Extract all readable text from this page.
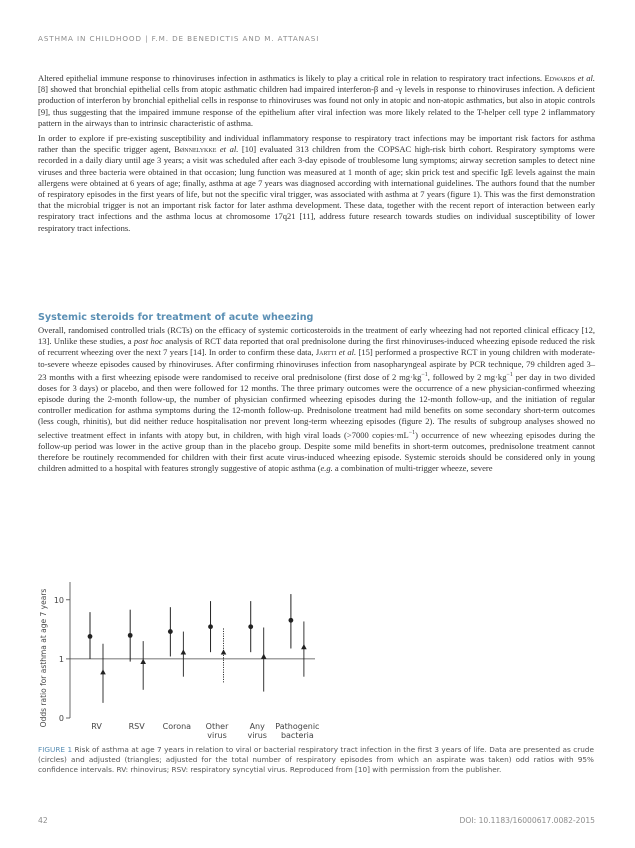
ASTHMA IN CHILDHOOD | F.M. DE BENEDICTIS AND M. ATTANASI

Altered epithelial immune response to rhinoviruses infection in asthmatics is likely to play a critical role in relation to respiratory tract infections. Edwards et al. [8] showed that bronchial epithelial cells from atopic asthmatic children had impaired interferon-β and -γ levels in response to rhinoviruses infection. A deficient production of interferon by bronchial epithelial cells in response to rhinoviruses was found not only in atopic and non-atopic asthmatics, but also in atopic controls [9], thus suggesting that the impaired immune response of the epithelium after viral infection was more likely related to the T-helper cell type 2 inflammatory pattern in the airways than to intrinsic characteristic of asthma.

In order to explore if pre-existing susceptibility and individual inflammatory response to respiratory tract infections may be important risk factors for asthma rather than the specific trigger agent, Bønnelykke et al. [10] evaluated 313 children from the COPSAC high-risk birth cohort. Respiratory symptoms were recorded in a daily diary until age 3 years; a visit was scheduled after each 3-day episode of troublesome lung symptoms; airway secretion samples to detect nine viruses and three bacteria were obtained in that occasion; lung function was measured at 1 month of age; skin prick test and specific IgE levels against the main allergens were obtained at 6 years of age; finally, asthma at age 7 years was diagnosed according with international guidelines. The authors found that the number of respiratory episodes in the first years of life, but not the specific viral trigger, was associated with asthma at 7 years (figure 1). This was the first demonstration that the microbial trigger is not an important risk factor for later asthma development. These data, together with the recent report of interaction between early respiratory tract infections and the asthma locus at chromosome 17q21 [11], address future research towards studies on individual susceptibility of lower respiratory tract infections.

Systemic steroids for treatment of acute wheezing

Overall, randomised controlled trials (RCTs) on the efficacy of systemic corticosteroids in the treatment of early wheezing had not reported clinical efficacy [12, 13]. Unlike these studies, a post hoc analysis of RCT data reported that oral prednisolone during the first rhinoviruses-induced wheezing episode reduced the risk of recurrent wheezing over the next 7 years [14]. In order to confirm these data, Jartti et al. [15] performed a prospective RCT in young children with moderate-to-severe wheeze episodes caused by rhinoviruses. After confirming rhinoviruses infection from nasopharyngeal aspirate by PCR technique, 79 children aged 3–23 months with a first wheezing episode were randomised to receive oral prednisolone (first dose of 2 $mg\cdot kg^{-1}$, followed by 2 $mg\cdot kg^{-1}$ per day in two divided doses for 3 days) or placebo, and then were followed for 12 months. The three primary outcomes were the occurrence of a new physician-confirmed wheezing episode during the 2-month follow-up, the number of physician confirmed wheezing episodes during the 12-month follow-up, and the initiation of regular controller medication for asthma symptoms during the 12-month follow-up. Prednisolone treatment had mild benefits on some secondary short-term outcomes (less cough, rhinitis), but did neither reduce hospitalisation nor prevent long-term wheezing episodes (figure 2). The results of subgroup analyses showed no selective treatment effect in infants with atopy but, in children, with high viral loads (>7000 $copies\cdot mL^{-1}$) occurrence of new wheezing episodes during the follow-up period was lower in the active group than in the placebo group. Despite some mild benefits in short-term outcomes, prednisolone treatment cannot therefore be routinely recommended for children with their first acute virus-induced wheezing episode. Systemic steroids should be considered only in young children admitted to a hospital with features strongly suggestive of atopic asthma (e.g. a combination of multi-trigger wheeze, severe

0
1
10
Odds ratio for asthma at age 7 years	RV	RSV Corona Other
virus
Any
virus
Pathogenic
bacteria
FIGURE 1 Risk of asthma at age 7 years in relation to viral or bacterial respiratory tract infection in the first 3 years of life. Data are presented as crude (circles) and adjusted (triangles; adjusted for the total number of respiratory episodes from which an aspirate was taken) odd ratios with 95% confidence intervals. RV: rhinovirus; RSV: respiratory syncytial virus. Reproduced from [10] with permission from the publisher.
42	DOI: 10.1183/16000617.0082-2015
